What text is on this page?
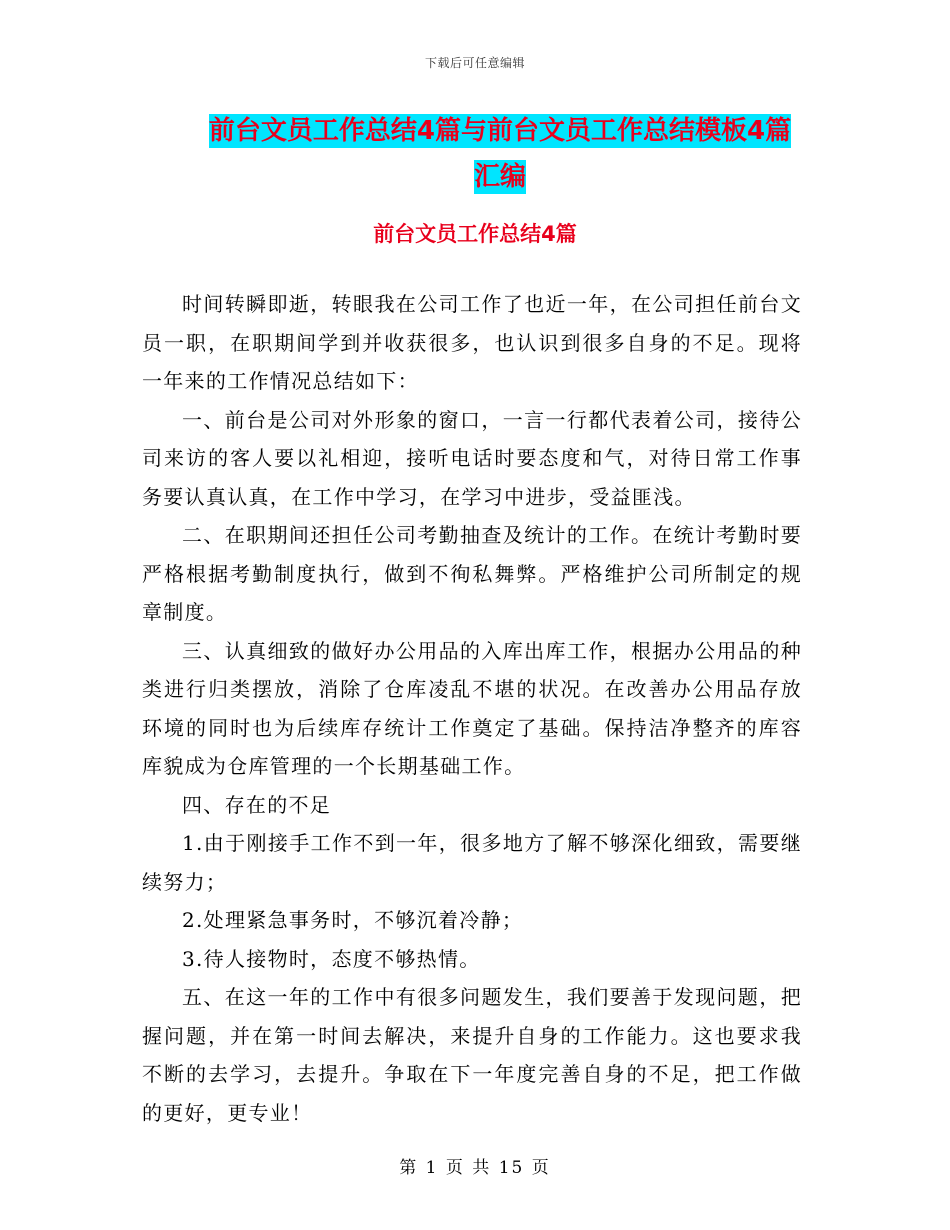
下载后可任意编辑
前台文员工作总结4篇与前台文员工作总结模板4篇
汇编
前台文员工作总结4篇

时间转瞬即逝，转眼我在公司工作了也近一年，在公司担任前台文员一职，在职期间学到并收获很多，也认识到很多自身的不足。现将一年来的工作情况总结如下：

一、前台是公司对外形象的窗口，一言一行都代表着公司，接待公司来访的客人要以礼相迎，接听电话时要态度和气，对待日常工作事务要认真认真，在工作中学习，在学习中进步，受益匪浅。

二、在职期间还担任公司考勤抽查及统计的工作。在统计考勤时要严格根据考勤制度执行，做到不徇私舞弊。严格维护公司所制定的规章制度。

三、认真细致的做好办公用品的入库出库工作，根据办公用品的种类进行归类摆放，消除了仓库凌乱不堪的状况。在改善办公用品存放环境的同时也为后续库存统计工作奠定了基础。保持洁净整齐的库容库貌成为仓库管理的一个长期基础工作。

四、存在的不足

1.由于刚接手工作不到一年，很多地方了解不够深化细致，需要继续努力；

2.处理紧急事务时，不够沉着冷静；

3.待人接物时，态度不够热情。

五、在这一年的工作中有很多问题发生，我们要善于发现问题，把握问题，并在第一时间去解决，来提升自身的工作能力。这也要求我不断的去学习，去提升。争取在下一年度完善自身的不足，把工作做的更好，更专业！

第 1 页 共 15 页
